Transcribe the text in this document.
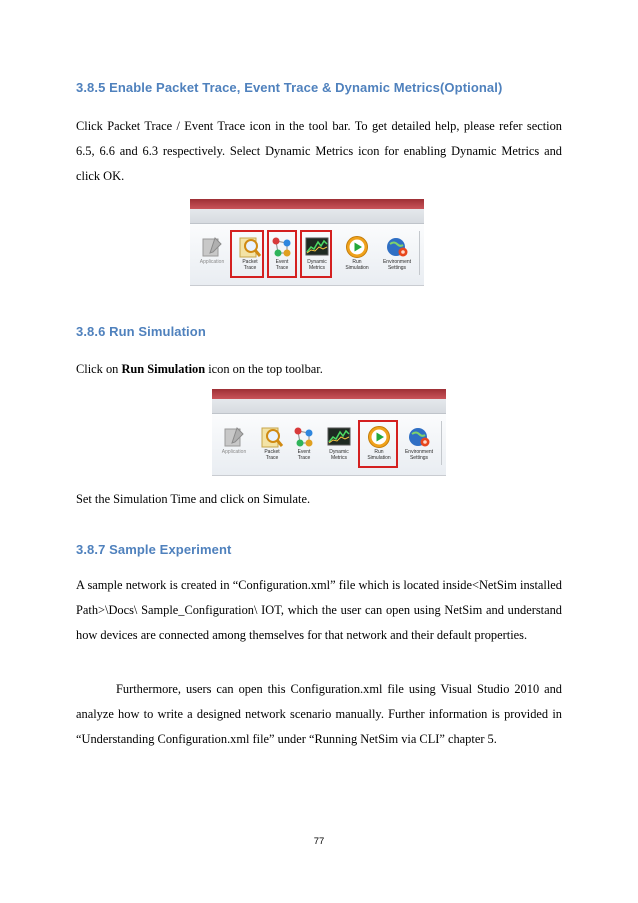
3.8.5 Enable Packet Trace, Event Trace & Dynamic Metrics(Optional)

Click Packet Trace / Event Trace icon in the tool bar. To get detailed help, please refer section 6.5, 6.6 and 6.3 respectively. Select Dynamic Metrics icon for enabling Dynamic Metrics and click OK.

Application	Packet
Trace
Event
Trace
Dynamic
Metrics
Run
Simulation
Environment
Settings
3.8.6 Run Simulation

Click on Run Simulation icon on the top toolbar.

Application	Packet
Trace
Event
Trace
Dynamic
Metrics
Run
Simulation
Environment
Settings

Set the Simulation Time and click on Simulate.

3.8.7 Sample Experiment

A sample network is created in “Configuration.xml” file which is located inside<NetSim installed Path>\Docs\ Sample_Configuration\ IOT, which the user can open using NetSim and understand how devices are connected among themselves for that network and their default properties.

Furthermore, users can open this Configuration.xml file using Visual Studio 2010 and analyze how to write a designed network scenario manually. Further information is provided in “Understanding Configuration.xml file” under “Running NetSim via CLI” chapter 5.

77
